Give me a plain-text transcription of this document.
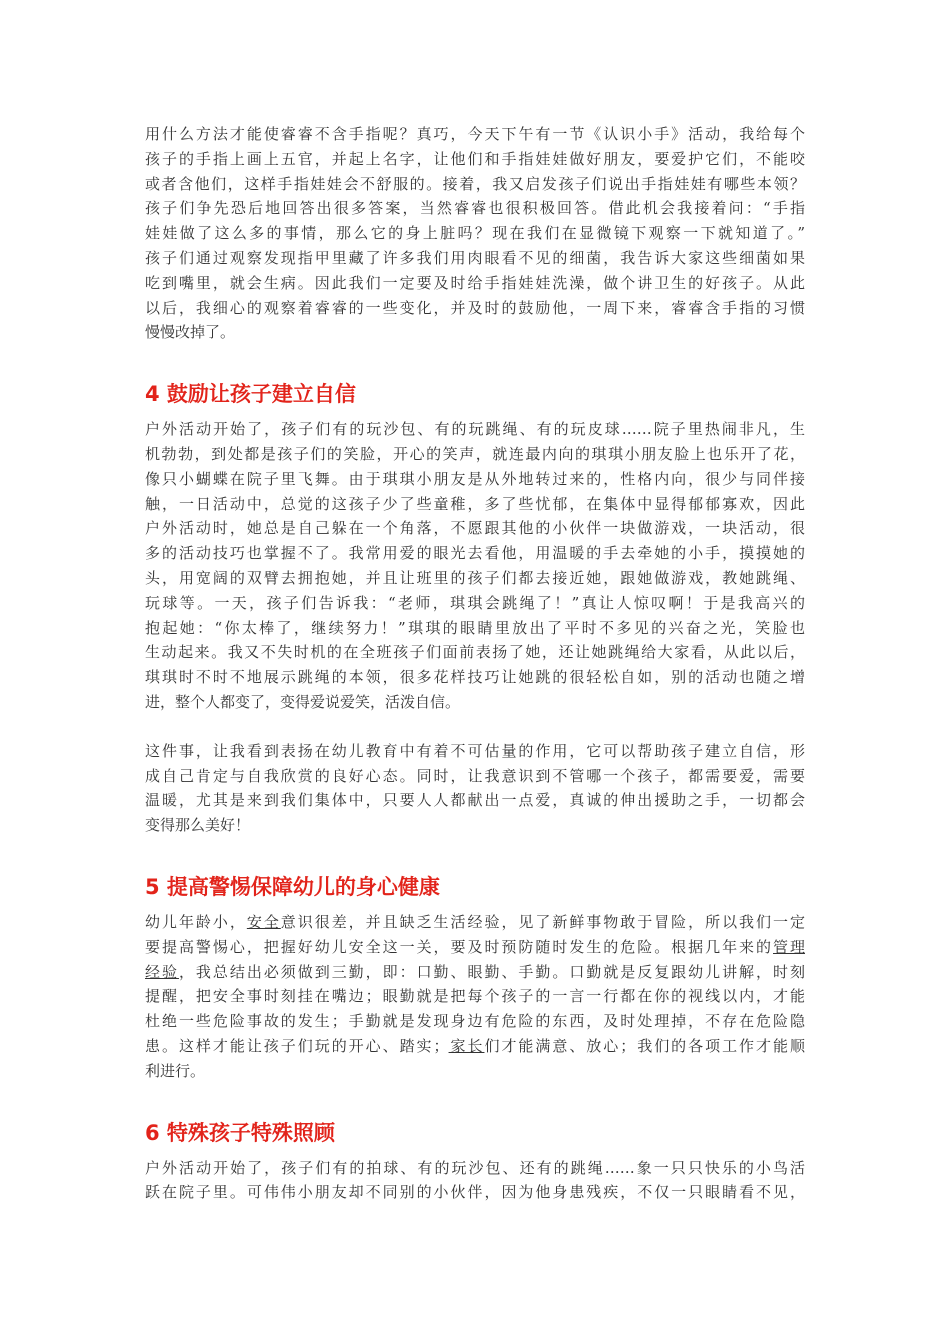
用什么方法才能使睿睿不含手指呢？真巧，今天下午有一节《认识小手》活动，我给每个
孩子的手指上画上五官，并起上名字，让他们和手指娃娃做好朋友，要爱护它们，不能咬
或者含他们，这样手指娃娃会不舒服的。接着，我又启发孩子们说出手指娃娃有哪些本领？
孩子们争先恐后地回答出很多答案，当然睿睿也很积极回答。借此机会我接着问：“手指
娃娃做了这么多的事情，那么它的身上脏吗？现在我们在显微镜下观察一下就知道了。”
孩子们通过观察发现指甲里藏了许多我们用肉眼看不见的细菌，我告诉大家这些细菌如果
吃到嘴里，就会生病。因此我们一定要及时给手指娃娃洗澡，做个讲卫生的好孩子。从此
以后，我细心的观察着睿睿的一些变化，并及时的鼓励他，一周下来，睿睿含手指的习惯
慢慢改掉了。

4 鼓励让孩子建立自信

户外活动开始了，孩子们有的玩沙包、有的玩跳绳、有的玩皮球……院子里热闹非凡，生
机勃勃，到处都是孩子们的笑脸，开心的笑声，就连最内向的琪琪小朋友脸上也乐开了花，
像只小蝴蝶在院子里飞舞。由于琪琪小朋友是从外地转过来的，性格内向，很少与同伴接
触，一日活动中，总觉的这孩子少了些童稚，多了些忧郁，在集体中显得郁郁寡欢，因此
户外活动时，她总是自己躲在一个角落，不愿跟其他的小伙伴一块做游戏，一块活动，很
多的活动技巧也掌握不了。我常用爱的眼光去看他，用温暖的手去牵她的小手，摸摸她的
头，用宽阔的双臂去拥抱她，并且让班里的孩子们都去接近她，跟她做游戏，教她跳绳、
玩球等。一天，孩子们告诉我：“老师，琪琪会跳绳了！”真让人惊叹啊！于是我高兴的
抱起她：“你太棒了，继续努力！”琪琪的眼睛里放出了平时不多见的兴奋之光，笑脸也
生动起来。我又不失时机的在全班孩子们面前表扬了她，还让她跳绳给大家看，从此以后，
琪琪时不时不地展示跳绳的本领，很多花样技巧让她跳的很轻松自如，别的活动也随之增
进，整个人都变了，变得爱说爱笑，活泼自信。

这件事，让我看到表扬在幼儿教育中有着不可估量的作用，它可以帮助孩子建立自信，形
成自己肯定与自我欣赏的良好心态。同时，让我意识到不管哪一个孩子，都需要爱，需要
温暖，尤其是来到我们集体中，只要人人都献出一点爱，真诚的伸出援助之手，一切都会
变得那么美好！

5 提高警惕保障幼儿的身心健康

幼儿年龄小，安全意识很差，并且缺乏生活经验，见了新鲜事物敢于冒险，所以我们一定
要提高警惕心，把握好幼儿安全这一关，要及时预防随时发生的危险。根据几年来的管理
经验，我总结出必须做到三勤，即：口勤、眼勤、手勤。口勤就是反复跟幼儿讲解，时刻
提醒，把安全事时刻挂在嘴边；眼勤就是把每个孩子的一言一行都在你的视线以内，才能
杜绝一些危险事故的发生；手勤就是发现身边有危险的东西，及时处理掉，不存在危险隐
患。这样才能让孩子们玩的开心、踏实；家长们才能满意、放心；我们的各项工作才能顺
利进行。

6 特殊孩子特殊照顾

户外活动开始了，孩子们有的拍球、有的玩沙包、还有的跳绳……象一只只快乐的小鸟活
跃在院子里。可伟伟小朋友却不同别的小伙伴，因为他身患残疾，不仅一只眼睛看不见，
